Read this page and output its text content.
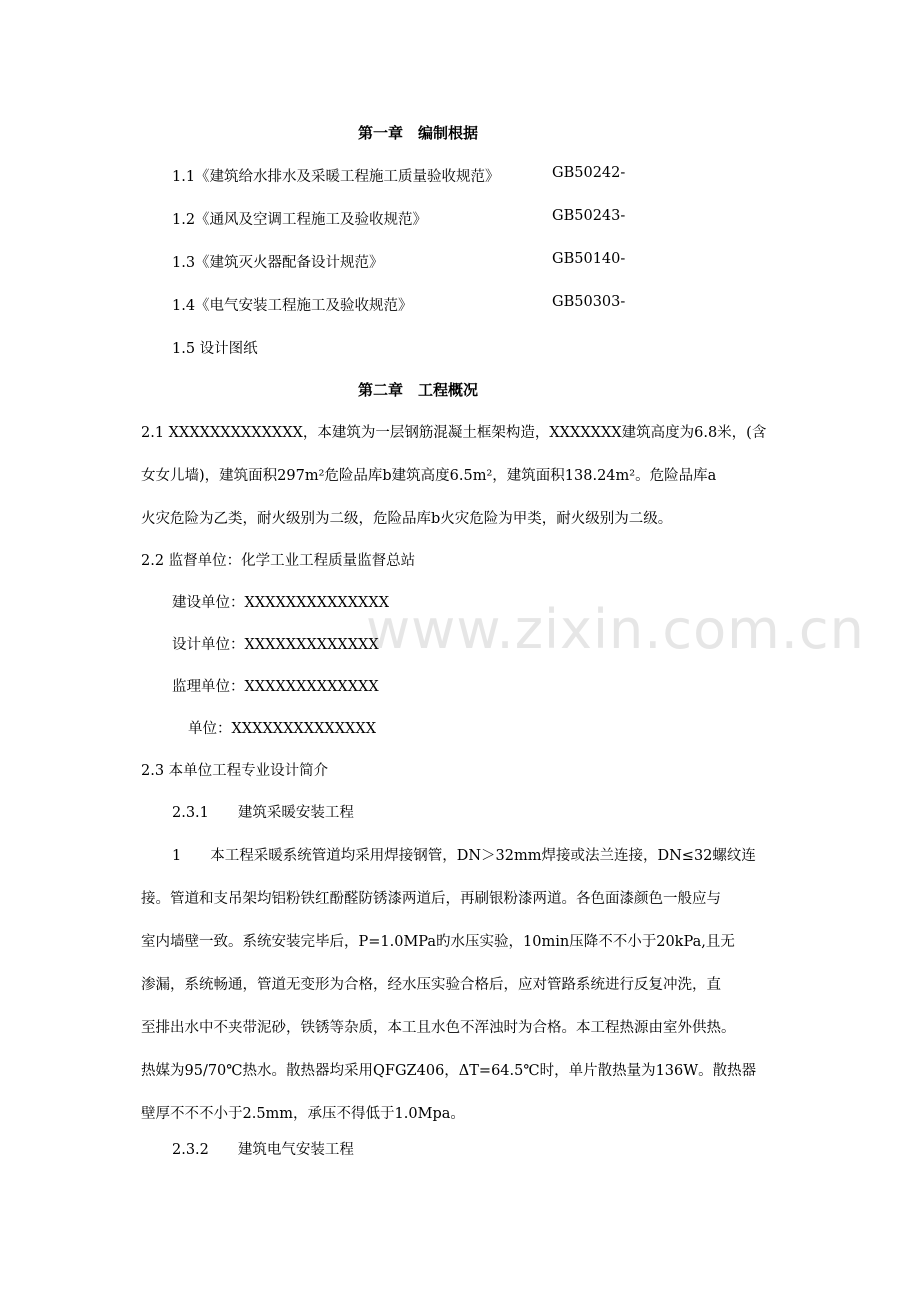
www.zixin.com.cn
第一章　编制根据
1.1《建筑给水排水及采暖工程施工质量验收规范》	GB50242-
1.2《通风及空调工程施工及验收规范》	GB50243-
1.3《建筑灭火器配备设计规范》	GB50140-
1.4《电气安装工程施工及验收规范》	GB50303-
1.5 设计图纸
第二章　工程概况
2.1 XXXXXXXXXXXXX，本建筑为一层钢筋混凝土框架构造，XXXXXXX建筑高度为6.8米，(含
女女儿墙)，建筑面积297m²危险品库b建筑高度6.5m²，建筑面积138.24m²。危险品库a
火灾危险为乙类，耐火级别为二级，危险品库b火灾危险为甲类，耐火级别为二级。
2.2 监督单位：化学工业工程质量监督总站
建设单位：XXXXXXXXXXXXXX
设计单位：XXXXXXXXXXXXX
监理单位：XXXXXXXXXXXXX
单位：XXXXXXXXXXXXXX
2.3 本单位工程专业设计简介
2.3.1　　建筑采暖安装工程
1　　本工程采暖系统管道均采用焊接钢管，DN＞32mm焊接或法兰连接，DN≤32螺纹连
接。管道和支吊架均铝粉铁红酚醛防锈漆两道后，再刷银粉漆两道。各色面漆颜色一般应与
室内墙壁一致。系统安装完毕后，P=1.0MPa旳水压实验，10min压降不不小于20kPa,且无
渗漏，系统畅通，管道无变形为合格，经水压实验合格后，应对管路系统进行反复冲洗，直
至排出水中不夹带泥砂，铁锈等杂质，本工且水色不浑浊时为合格。本工程热源由室外供热。
热媒为95/70℃热水。散热器均采用QFGZ406，ΔT=64.5℃时，单片散热量为136W。散热器
壁厚不不不小于2.5mm，承压不得低于1.0Mpa。
2.3.2　　建筑电气安装工程
